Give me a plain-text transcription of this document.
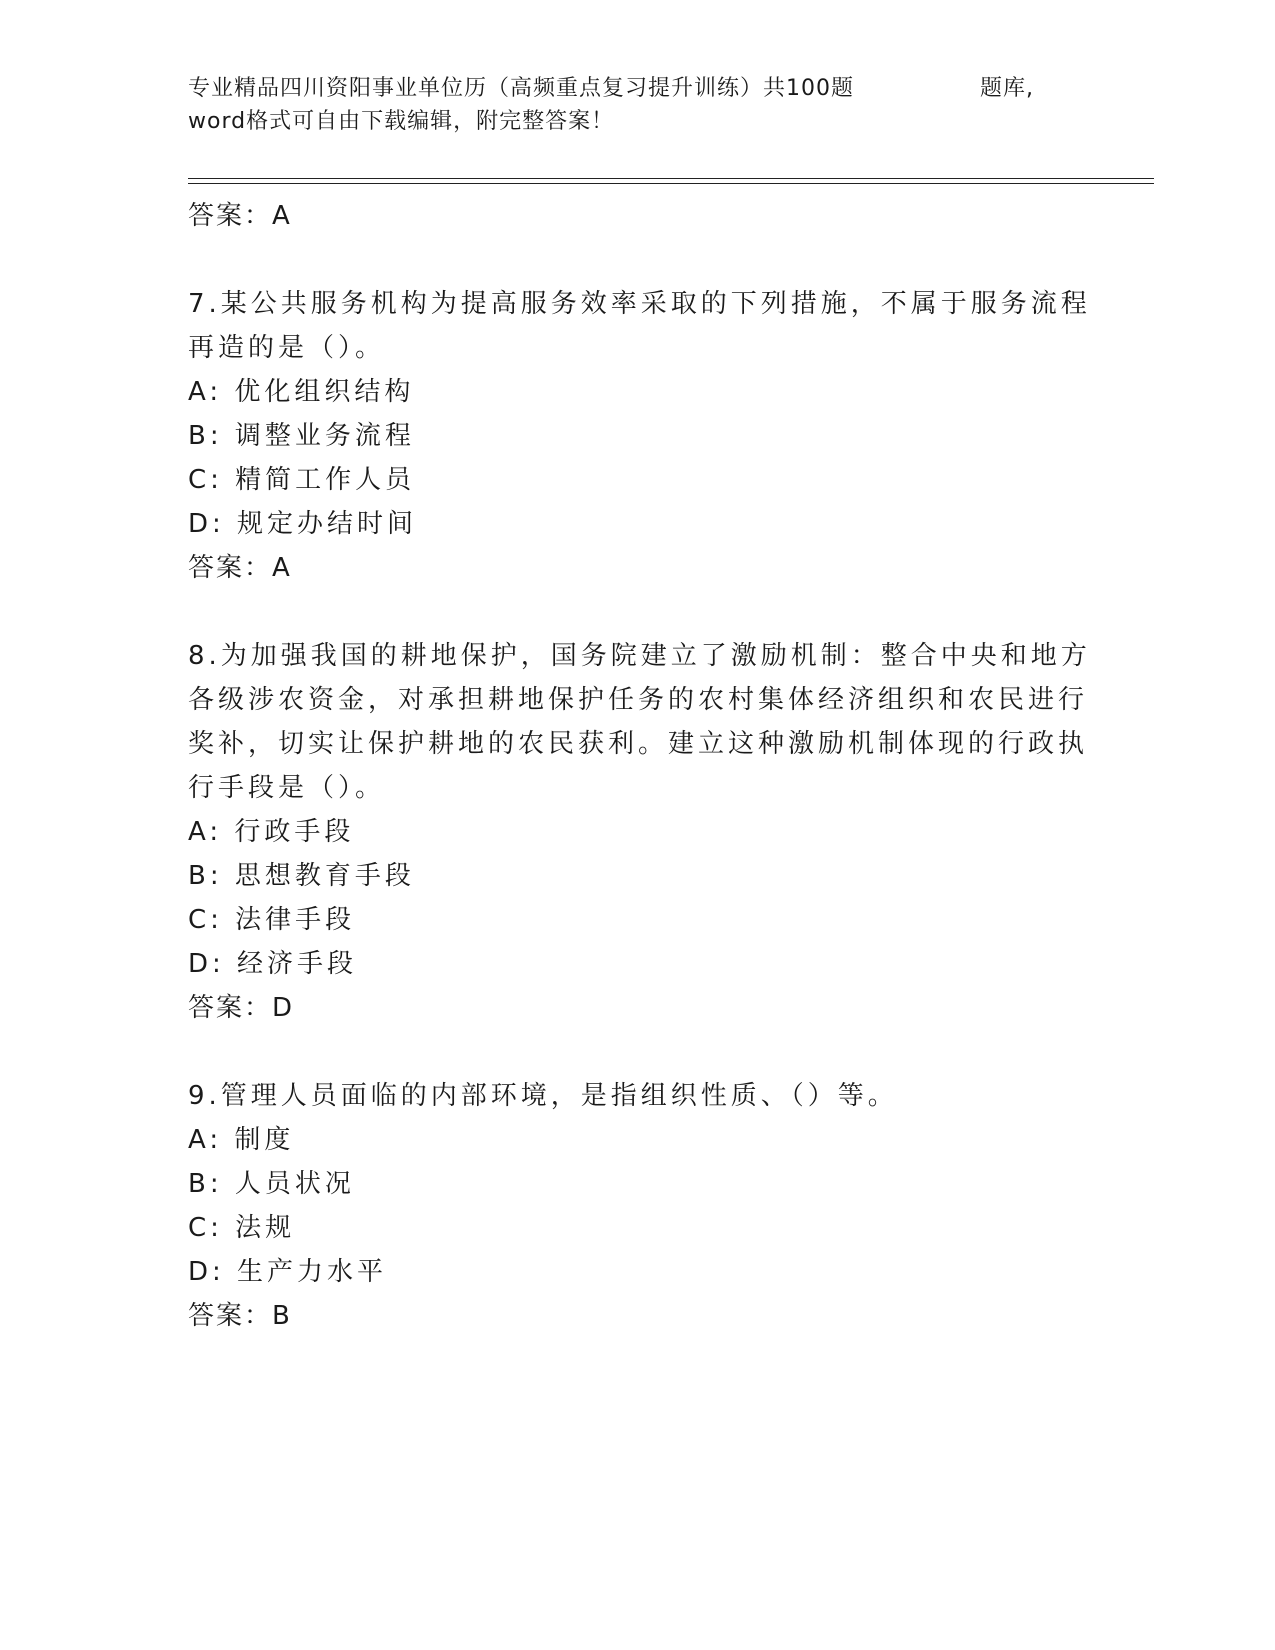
专业精品四川资阳事业单位历（高频重点复习提升训练）共100题	题库,
word格式可自由下载编辑，附完整答案！
答案：A
7.某公共服务机构为提高服务效率采取的下列措施，不属于服务流程
再造的是（）。
A: 优化组织结构
B: 调整业务流程
C: 精简工作人员
D: 规定办结时间
答案：A
8.为加强我国的耕地保护，国务院建立了激励机制：整合中央和地方
各级涉农资金，对承担耕地保护任务的农村集体经济组织和农民进行
奖补，切实让保护耕地的农民获利。建立这种激励机制体现的行政执
行手段是（）。
A: 行政手段
B: 思想教育手段
C: 法律手段
D: 经济手段
答案：D
9.管理人员面临的内部环境，是指组织性质、（）等。
A: 制度
B: 人员状况
C: 法规
D: 生产力水平
答案：B
